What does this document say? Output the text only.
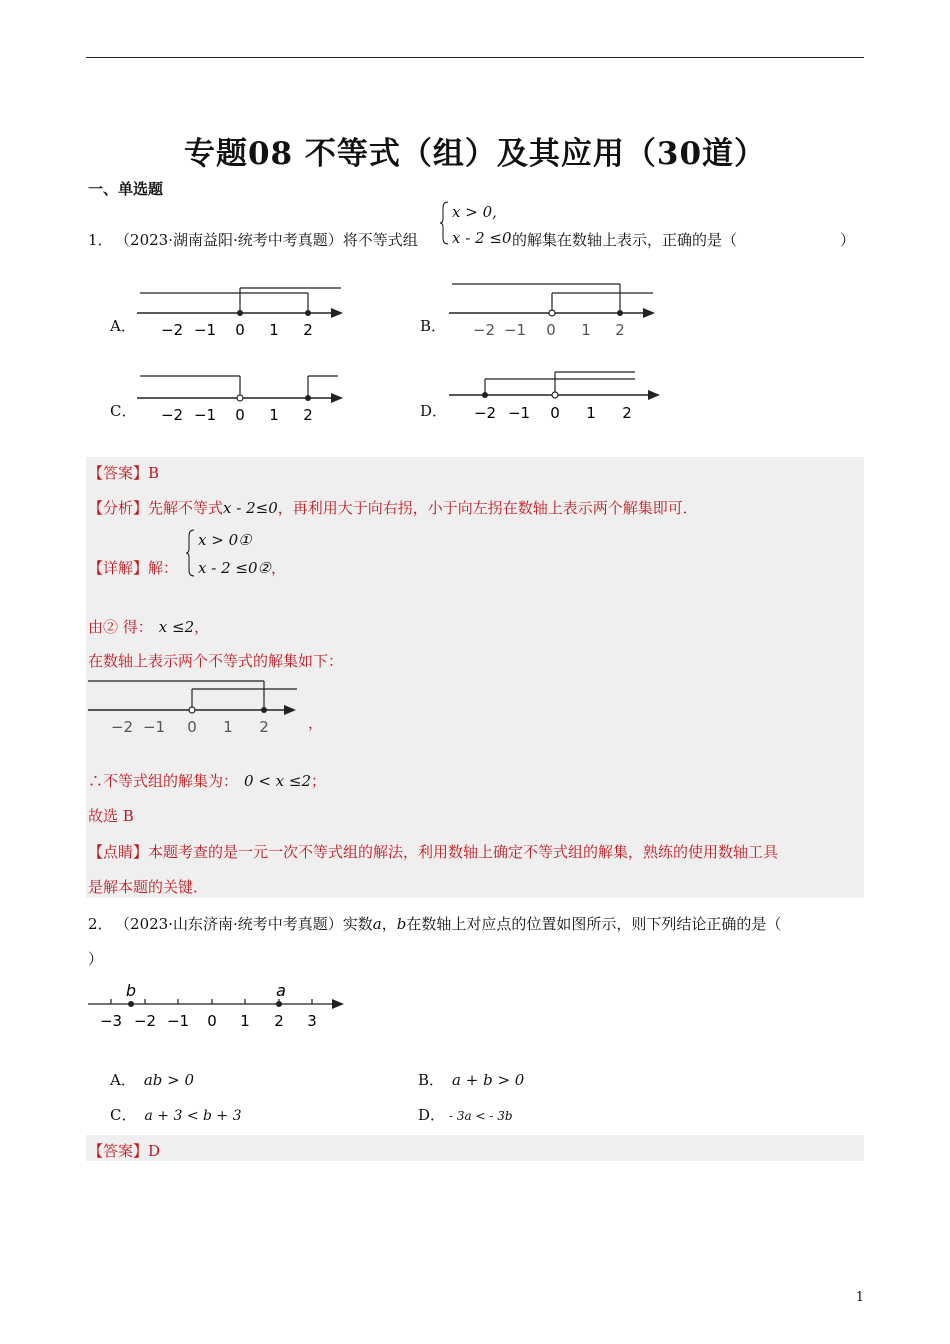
专题08 不等式（组）及其应用（30道）
一、单选题
1． （2023·湖南益阳·统考中考真题）将不等式组
x > 0,
x - 2 ≤0 的解集在数轴上表示，正确的是（	）
A． −2 −1 0 1 2	B． −2 −1 0 1 2
C． −2 −1 0 1 2	D． −2 −1 0 1 2
【答案】B
【分析】先解不等式x - 2≤0，再利用大于向右拐，小于向左拐在数轴上表示两个解集即可．
【详解】解：
x > 0①
x - 2 ≤0②，
由② 得： x ≤2，
在数轴上表示两个不等式的解集如下：
−2 −1 0 1 2	，
∴不等式组的解集为： 0 < x ≤2；
故选 B
【点睛】本题考查的是一元一次不等式组的解法，利用数轴上确定不等式组的解集，熟练的使用数轴工具
是解本题的关键．
2． （2023·山东济南·统考中考真题）实数a，b在数轴上对应点的位置如图所示，则下列结论正确的是（
）
b	a
−3 −2 −1 0 1 2 3
A． ab > 0	B． a + b > 0
C． a + 3 < b + 3	D． - 3a < - 3b
【答案】D
1
